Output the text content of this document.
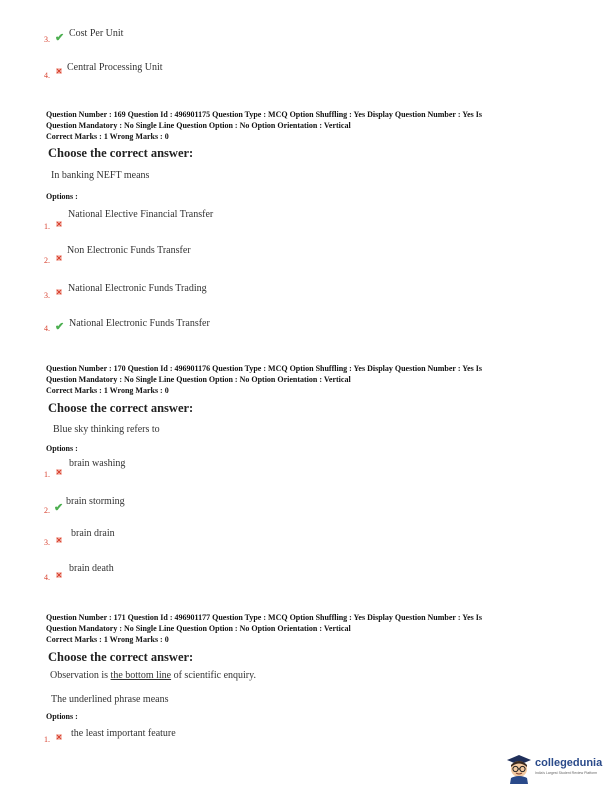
3. ✔ Cost Per Unit
4.
Central Processing Unit
Question Number : 169 Question Id : 496901175 Question Type : MCQ Option Shuffling : Yes Display Question Number : Yes Is
Question Mandatory : No Single Line Question Option : No Option Orientation : Vertical
Correct Marks : 1 Wrong Marks : 0
Choose the correct answer:
In banking NEFT means
Options :
National Elective Financial Transfer
1.
Non Electronic Funds Transfer
2.
3.
National Electronic Funds Trading
4. ✔ National Electronic Funds Transfer
Question Number : 170 Question Id : 496901176 Question Type : MCQ Option Shuffling : Yes Display Question Number : Yes Is
Question Mandatory : No Single Line Question Option : No Option Orientation : Vertical
Correct Marks : 1 Wrong Marks : 0
Choose the correct answer:
Blue sky thinking refers to
Options :
brain washing
1.
2. ✔
brain storming
brain drain
3.
brain death
4.
Question Number : 171 Question Id : 496901177 Question Type : MCQ Option Shuffling : Yes Display Question Number : Yes Is
Question Mandatory : No Single Line Question Option : No Option Orientation : Vertical
Correct Marks : 1 Wrong Marks : 0
Choose the correct answer:
Observation is the bottom line of scientific enquiry.
The underlined phrase means
Options :
1.
the least important feature
collegedunia
India's Largest Student Review Platform
